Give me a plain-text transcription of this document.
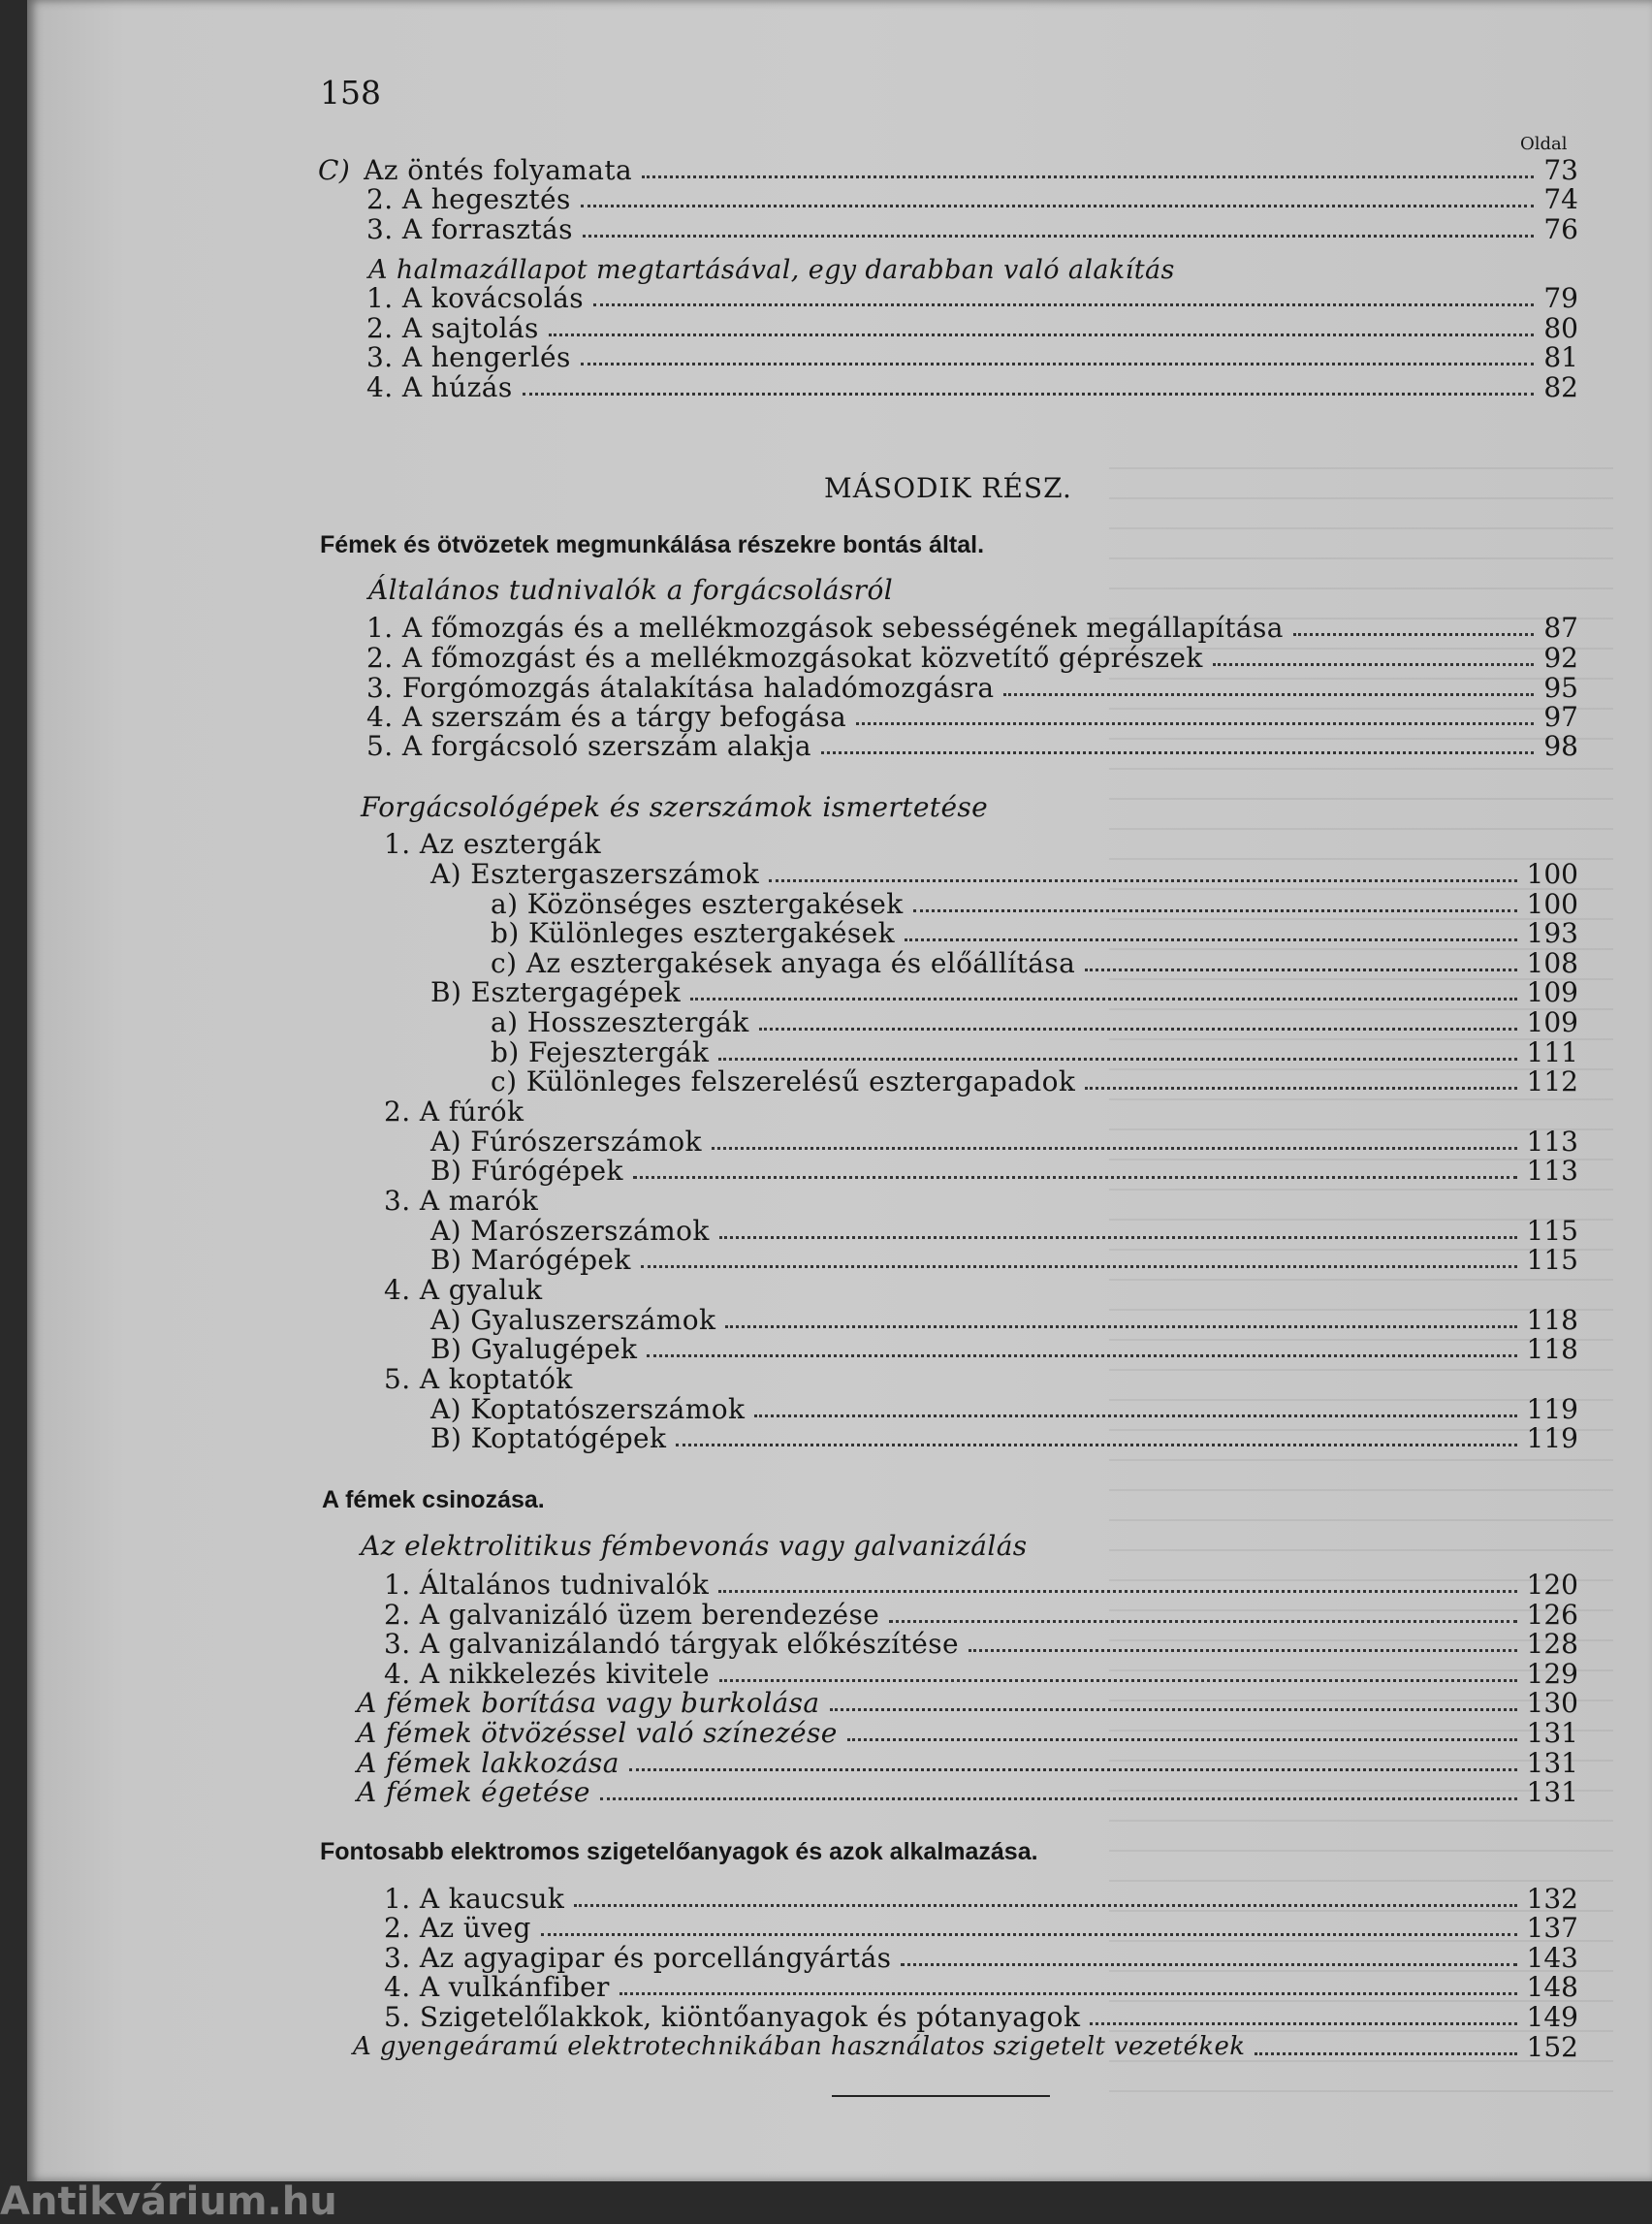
158
Oldal
C) Az öntés folyamata	73
2. A hegesztés	74
3. A forrasztás	76
A halmazállapot megtartásával, egy darabban való alakítás
1. A kovácsolás	79
2. A sajtolás	80
3. A hengerlés	81
4. A húzás	82
MÁSODIK RÉSZ.
Fémek és ötvözetek megmunkálása részekre bontás által.
Általános tudnivalók a forgácsolásról
1. A főmozgás és a mellékmozgások sebességének megállapítása	87
2. A főmozgást és a mellékmozgásokat közvetítő géprészek	92
3. Forgómozgás átalakítása haladómozgásra	95
4. A szerszám és a tárgy befogása	97
5. A forgácsoló szerszám alakja	98
Forgácsológépek és szerszámok ismertetése
1. Az esztergák
A) Esztergaszerszámok	100
a) Közönséges esztergakések	100
b) Különleges esztergakések	193
c) Az esztergakések anyaga és előállítása	108
B) Esztergagépek	109
a) Hosszesztergák	109
b) Fejesztergák	111
c) Különleges felszerelésű esztergapadok	112
2. A fúrók
A) Fúrószerszámok	113
B) Fúrógépek	113
3. A marók
A) Marószerszámok	115
B) Marógépek	115
4. A gyaluk
A) Gyaluszerszámok	118
B) Gyalugépek	118
5. A koptatók
A) Koptatószerszámok	119
B) Koptatógépek	119
A fémek csinozása.
Az elektrolitikus fémbevonás vagy galvanizálás
1. Általános tudnivalók	120
2. A galvanizáló üzem berendezése	126
3. A galvanizálandó tárgyak előkészítése	128
4. A nikkelezés kivitele	129
A fémek borítása vagy burkolása	130
A fémek ötvözéssel való színezése	131
A fémek lakkozása	131
A fémek égetése	131
Fontosabb elektromos szigetelőanyagok és azok alkalmazása.
1. A kaucsuk	132
2. Az üveg	137
3. Az agyagipar és porcellángyártás	143
4. A vulkánfiber	148
5. Szigetelőlakkok, kiöntőanyagok és pótanyagok	149
A gyengeáramú elektrotechnikában használatos szigetelt vezetékek	152
Antikvárium.hu
